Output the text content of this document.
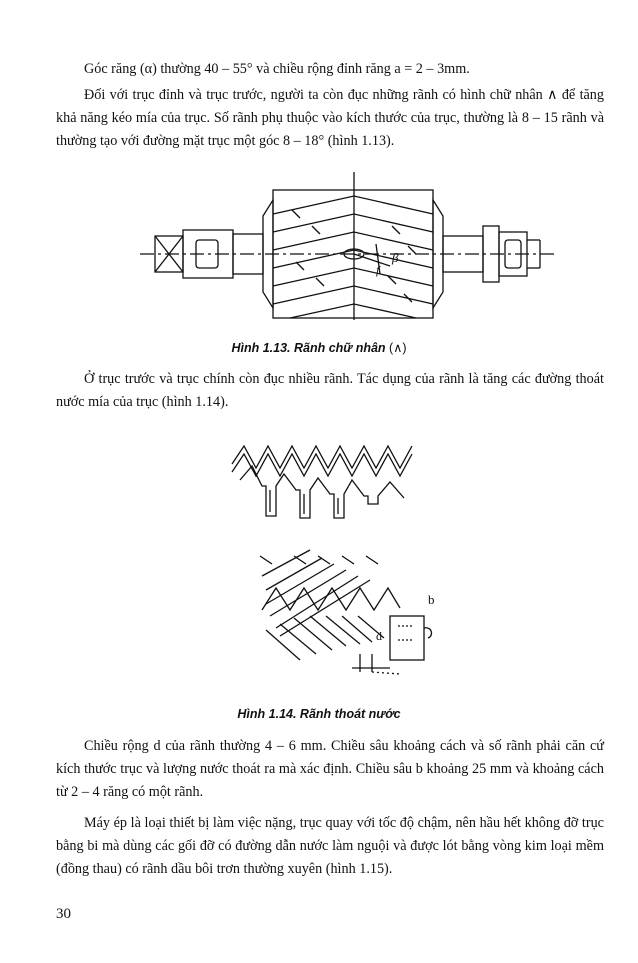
Góc răng (α) thường 40 – 55° và chiều rộng đỉnh răng a = 2 – 3mm.
Đối với trục đỉnh và trục trước, người ta còn đục những rãnh có hình chữ nhân ∧ để tăng khả năng kéo mía của trục. Số rãnh phụ thuộc vào kích thước của trục, thường là 8 – 15 rãnh và thường tạo với đường mặt trục một góc 8 – 18° (hình 1.13).
β
f
Hình 1.13. Rãnh chữ nhân (∧)
Ở trục trước và trục chính còn đục nhiều rãnh. Tác dụng của rãnh là tăng các đường thoát nước mía của trục (hình 1.14).
b
d
Hình 1.14. Rãnh thoát nước
Chiều rộng d của rãnh thường 4 – 6 mm. Chiều sâu khoảng cách và số rãnh phải căn cứ kích thước trục và lượng nước thoát ra mà xác định. Chiều sâu b khoảng 25 mm và khoảng cách từ 2 – 4 răng có một rãnh.
Máy ép là loại thiết bị làm việc nặng, trục quay với tốc độ chậm, nên hầu hết không đỡ trục bằng bi mà dùng các gối đỡ có đường dẫn nước làm nguội và được lót bằng vòng kim loại mềm (đồng thau) có rãnh dầu bôi trơn thường xuyên (hình 1.15).
30
